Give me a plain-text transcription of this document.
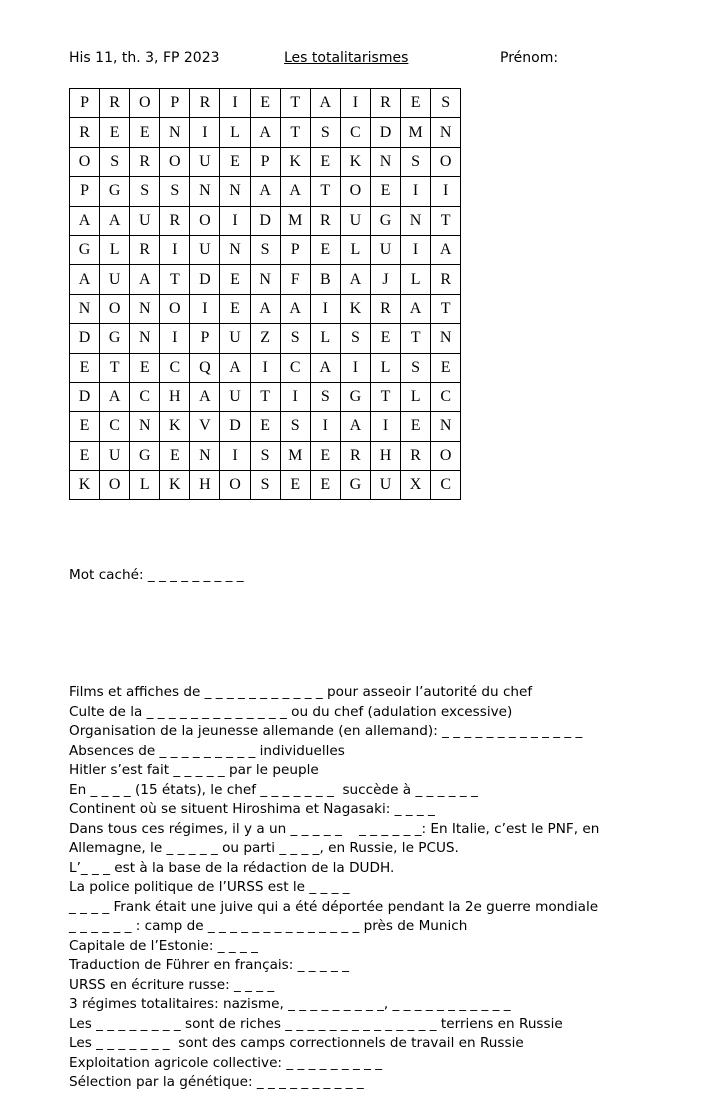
His 11, th. 3, FP 2023	Les totalitarismes	Prénom:
P	R	O	P	R	I	E	T	A	I	R	E	S
R	E	E	N	I	L	A	T	S	C	D	M	N
O	S	R	O	U	E	P	K	E	K	N	S	O
P	G	S	S	N	N	A	A	T	O	E	I	I
A	A	U	R	O	I	D	M	R	U	G	N	T
G	L	R	I	U	N	S	P	E	L	U	I	A
A	U	A	T	D	E	N	F	B	A	J	L	R
N	O	N	O	I	E	A	A	I	K	R	A	T
D	G	N	I	P	U	Z	S	L	S	E	T	N
E	T	E	C	Q	A	I	C	A	I	L	S	E
D	A	C	H	A	U	T	I	S	G	T	L	C
E	C	N	K	V	D	E	S	I	A	I	E	N
E	U	G	E	N	I	S	M	E	R	H	R	O
K	O	L	K	H	O	S	E	E	G	U	X	C

Mot caché: _ _ _ _ _ _ _ _ _

Films et affiches de _ _ _ _ _ _ _ _ _ _ _ pour asseoir l’autorité du chef
Culte de la _ _ _ _ _ _ _ _ _ _ _ _ _ ou du chef (adulation excessive)
Organisation de la jeunesse allemande (en allemand): _ _ _ _ _ _ _ _ _ _ _ _ _
Absences de _ _ _ _ _ _ _ _ _ individuelles
Hitler s’est fait _ _ _ _ _ par le peuple
En _ _ _ _ (15 états), le chef _ _ _ _ _ _ _  succède à _ _ _ _ _ _
Continent où se situent Hiroshima et Nagasaki: _ _ _ _
Dans tous ces régimes, il y a un _ _ _ _ _    _ _ _ _ _ _: En Italie, c’est le PNF, en
Allemagne, le _ _ _ _ _ ou parti _ _ _ _, en Russie, le PCUS.
L’_ _ _ est à la base de la rédaction de la DUDH.
La police politique de l’URSS est le _ _ _ _
_ _ _ _ Frank était une juive qui a été déportée pendant la 2e guerre mondiale
_ _ _ _ _ _ : camp de _ _ _ _ _ _ _ _ _ _ _ _ _ _ près de Munich
Capitale de l’Estonie: _ _ _ _
Traduction de Führer en français: _ _ _ _ _
URSS en écriture russe: _ _ _ _
3 régimes totalitaires: nazisme, _ _ _ _ _ _ _ _ _, _ _ _ _ _ _ _ _ _ _ _
Les _ _ _ _ _ _ _ _ sont de riches _ _ _ _ _ _ _ _ _ _ _ _ _ _ terriens en Russie
Les _ _ _ _ _ _ _  sont des camps correctionnels de travail en Russie
Exploitation agricole collective: _ _ _ _ _ _ _ _ _
Sélection par la génétique: _ _ _ _ _ _ _ _ _ _
